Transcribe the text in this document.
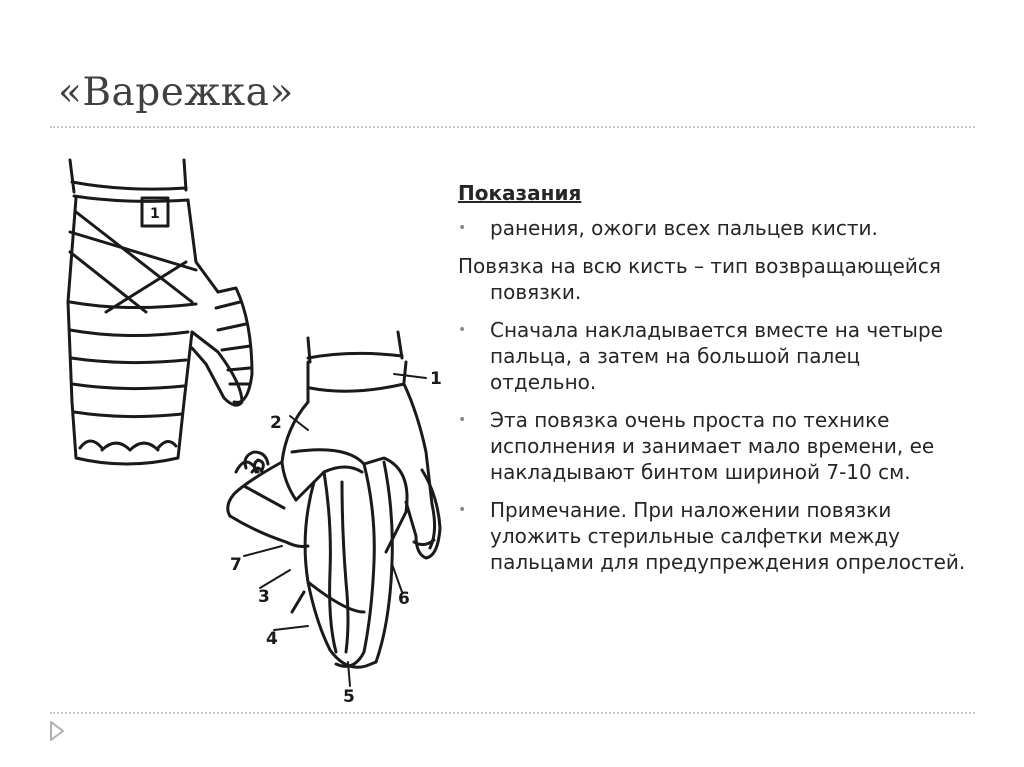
«Варежка»
1
2
7
3
4
5
6
1
Показания
• ранения, ожоги всех пальцев кисти.
Повязка на всю кисть – тип возвращающейся повязки.
• Сначала накладывается вместе на четыре пальца, а затем на большой палец отдельно.
• Эта повязка очень проста по технике исполнения и занимает мало времени, ее накладывают бинтом шириной 7-10 см.
• Примечание. При наложении повязки уложить стерильные салфетки между пальцами для предупреждения опрелостей.
